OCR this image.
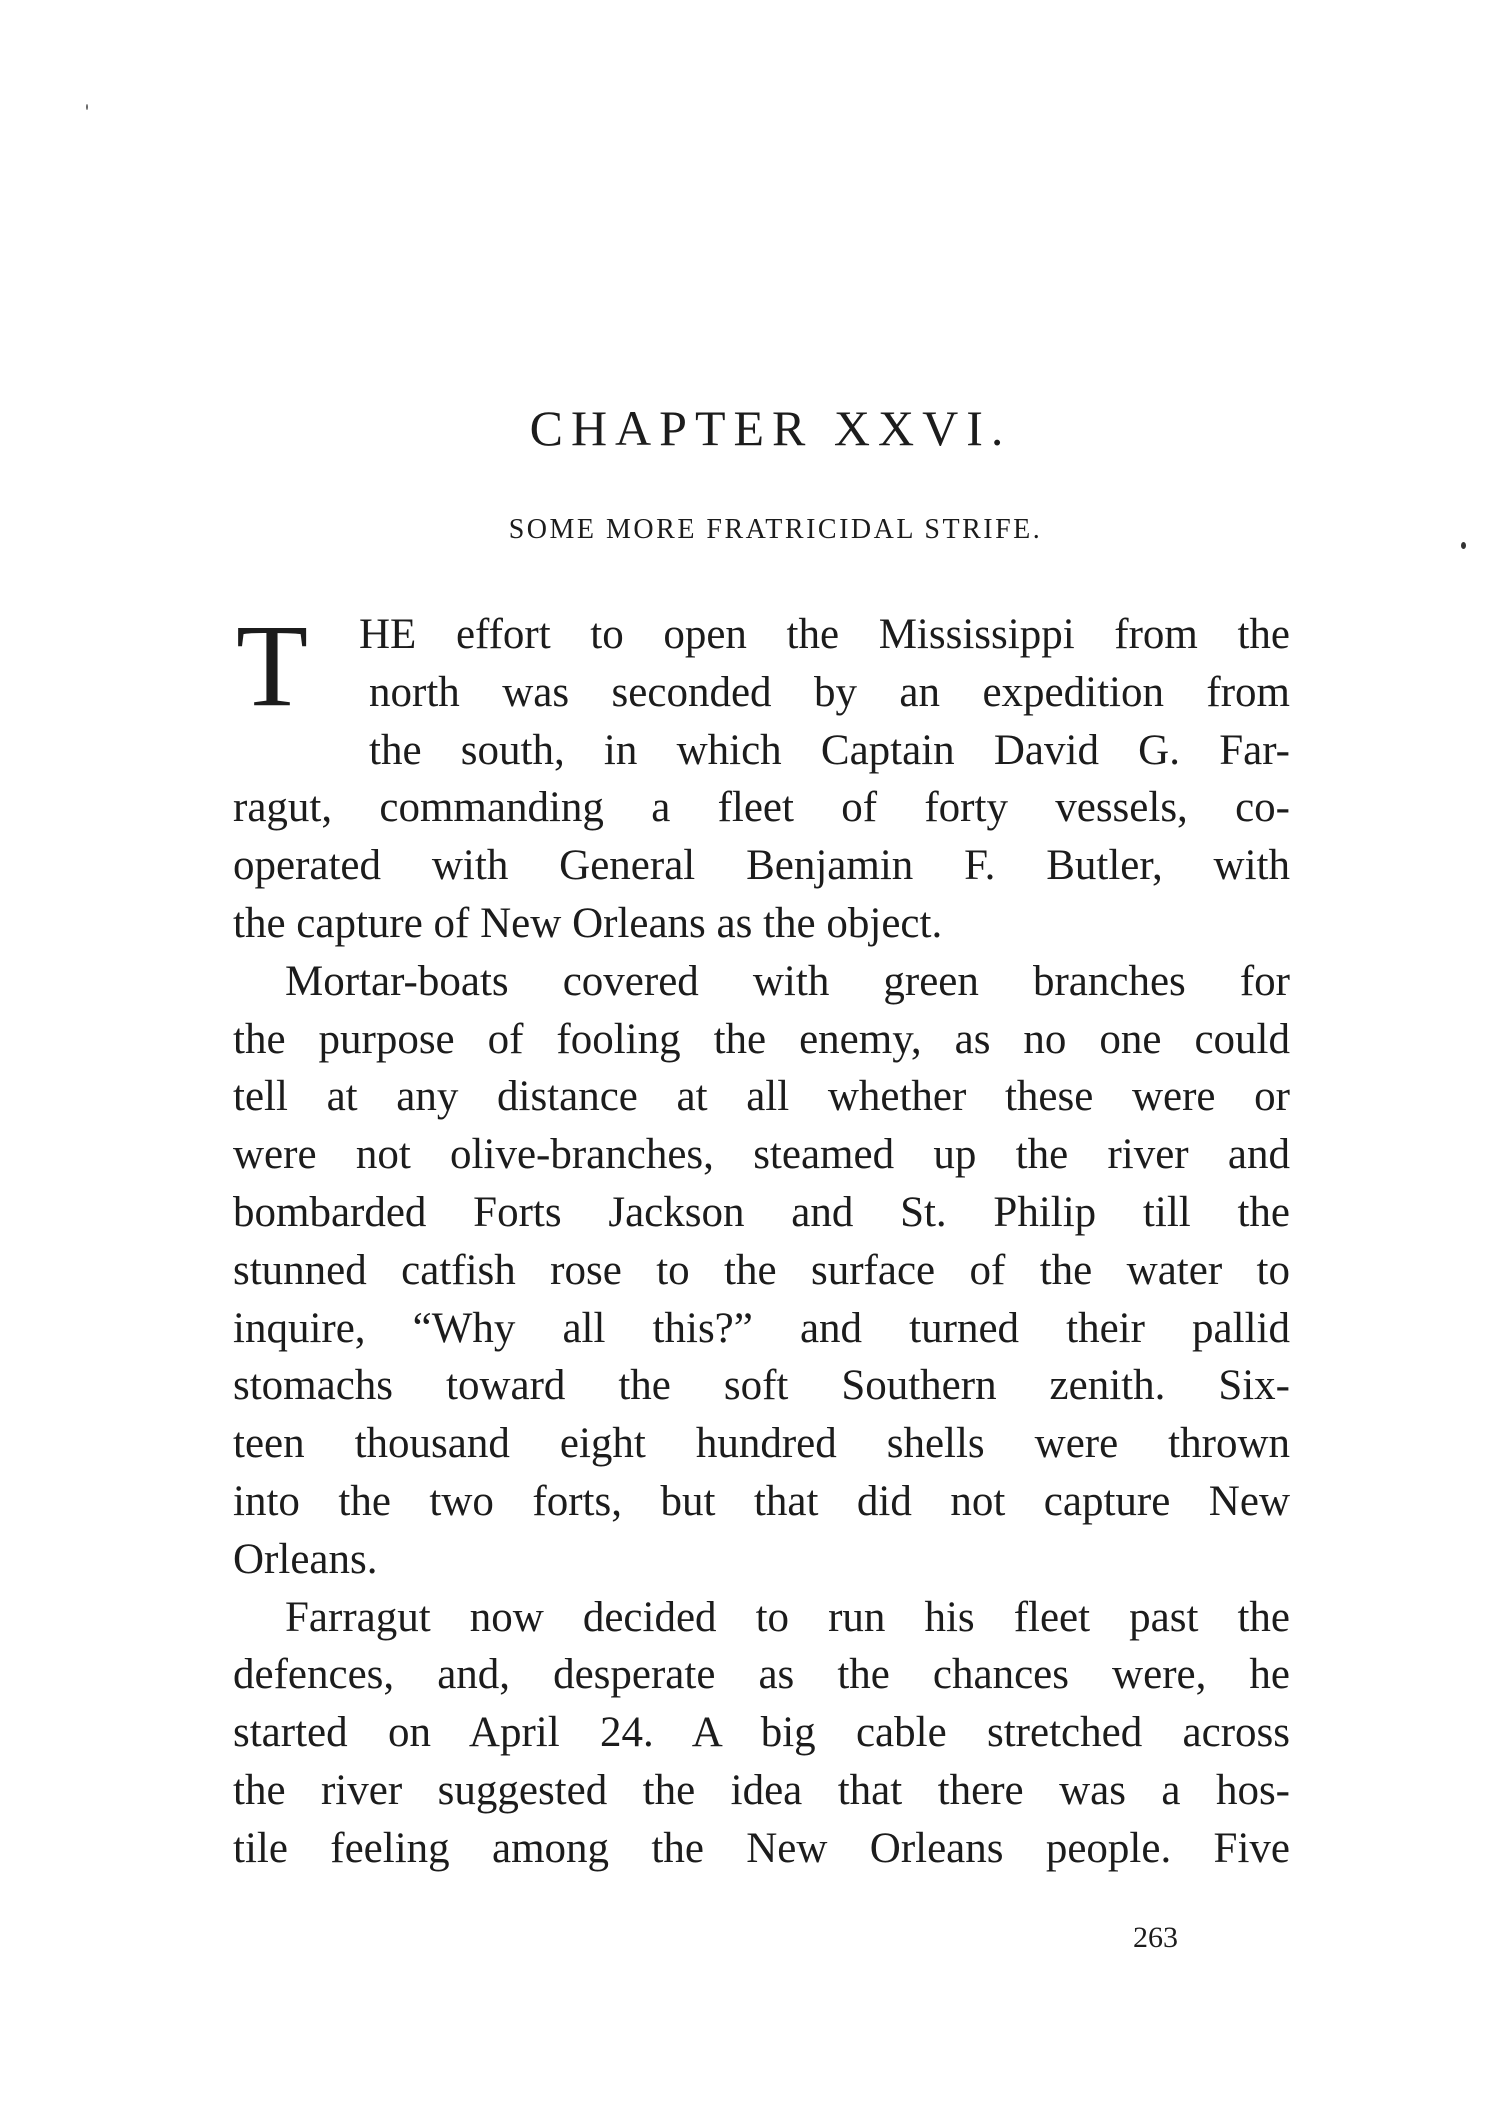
CHAPTER XXVI.
SOME MORE FRATRICIDAL STRIFE.
T	HE effort to open the Mississippi from the
north was seconded by an expedition from
the south, in which Captain David G. Far-
ragut, commanding a fleet of forty vessels, co-
operated with General Benjamin F. Butler, with
the capture of New Orleans as the object.
Mortar-boats covered with green branches for
the purpose of fooling the enemy, as no one could
tell at any distance at all whether these were or
were not olive-branches, steamed up the river and
bombarded Forts Jackson and St. Philip till the
stunned catfish rose to the surface of the water to
inquire, “Why all this?” and turned their pallid
stomachs toward the soft Southern zenith. Six-
teen thousand eight hundred shells were thrown
into the two forts, but that did not capture New
Orleans.
Farragut now decided to run his fleet past the
defences, and, desperate as the chances were, he
started on April 24. A big cable stretched across
the river suggested the idea that there was a hos-
tile feeling among the New Orleans people. Five
263
